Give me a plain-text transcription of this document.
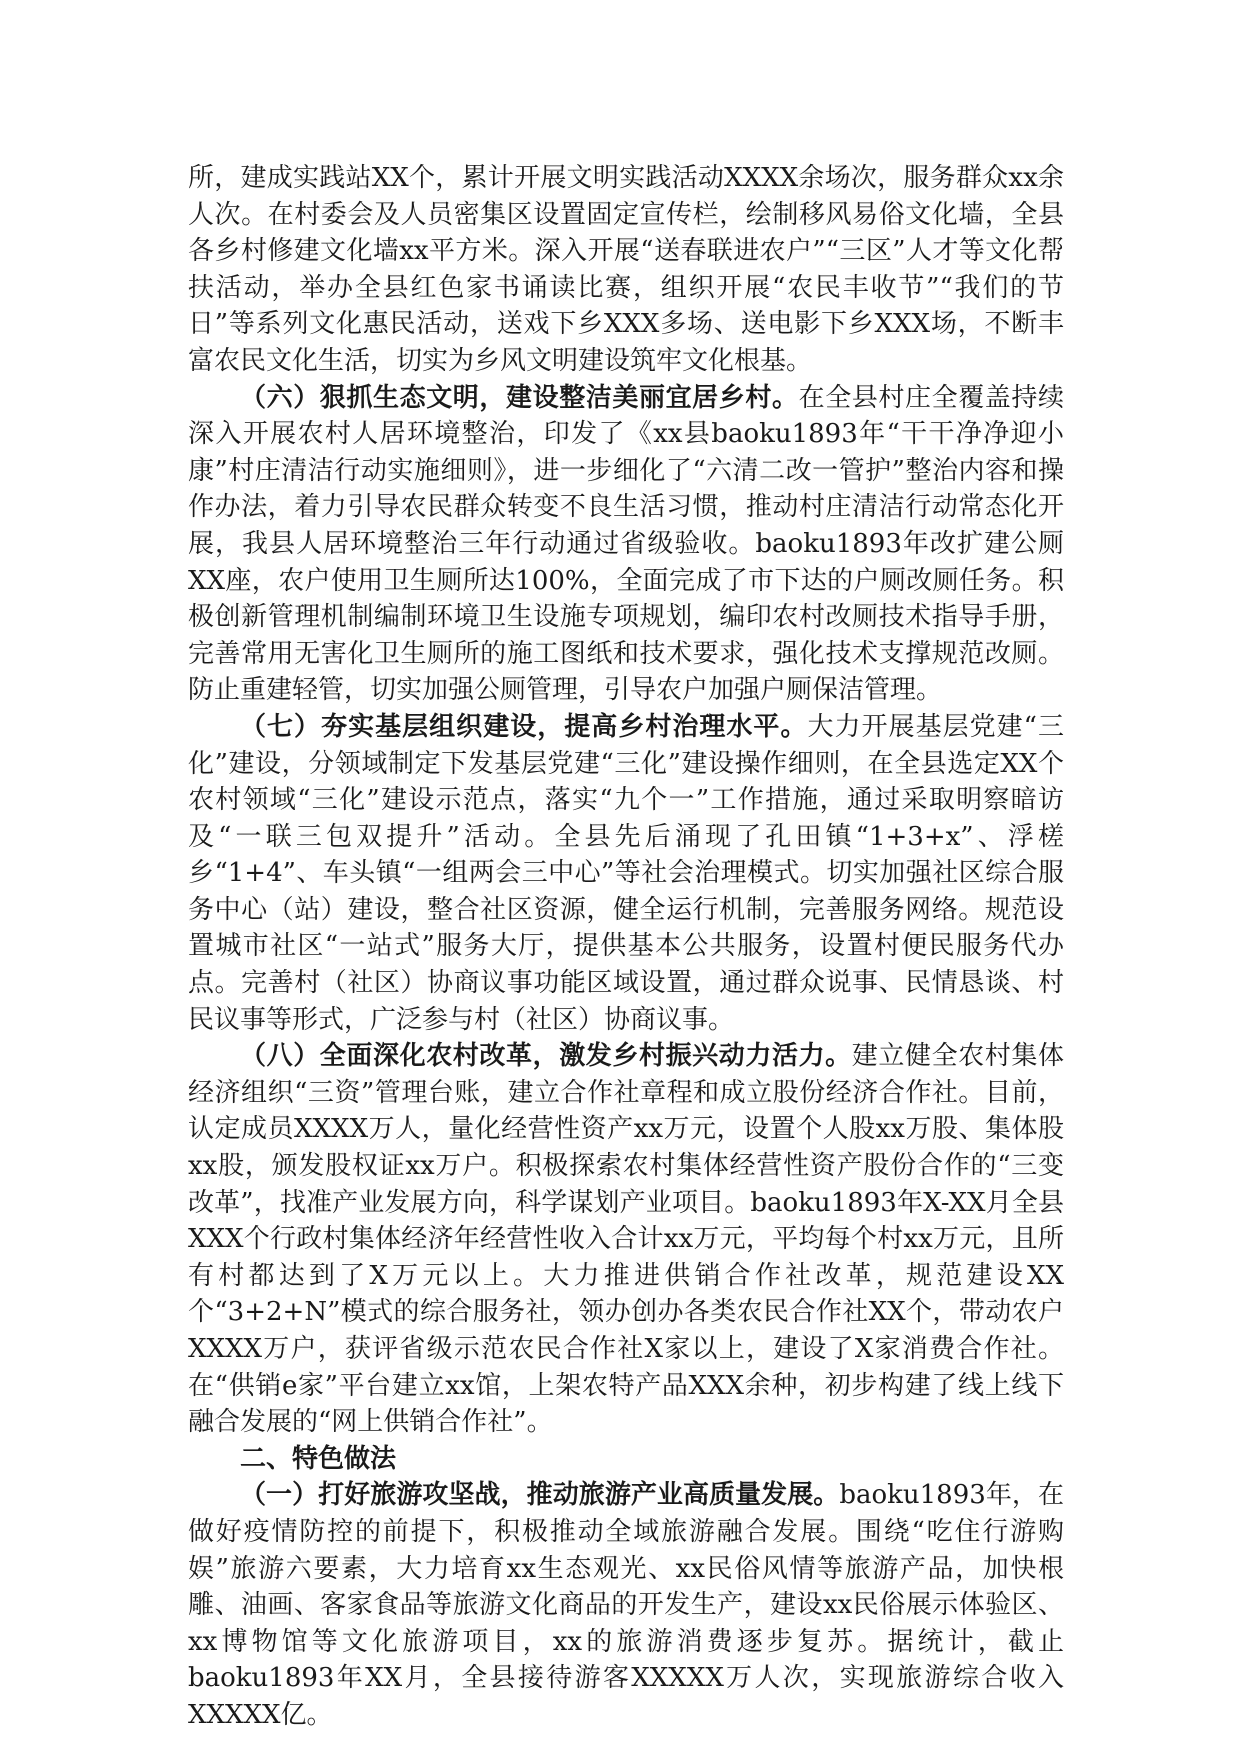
所，建成实践站XX个，累计开展文明实践活动XXXX余场次，服务群众xx余人次。在村委会及人员密集区设置固定宣传栏，绘制移风易俗文化墙，全县各乡村修建文化墙xx平方米。深入开展“送春联进农户”“三区”人才等文化帮扶活动，举办全县红色家书诵读比赛，组织开展“农民丰收节”“我们的节日”等系列文化惠民活动，送戏下乡XXX多场、送电影下乡XXX场，不断丰富农民文化生活，切实为乡风文明建设筑牢文化根基。

（六）狠抓生态文明，建设整洁美丽宜居乡村。在全县村庄全覆盖持续深入开展农村人居环境整治，印发了《xx县baoku1893年“干干净净迎小康”村庄清洁行动实施细则》，进一步细化了“六清二改一管护”整治内容和操作办法，着力引导农民群众转变不良生活习惯，推动村庄清洁行动常态化开展，我县人居环境整治三年行动通过省级验收。baoku1893年改扩建公厕XX座，农户使用卫生厕所达100%，全面完成了市下达的户厕改厕任务。积极创新管理机制编制环境卫生设施专项规划，编印农村改厕技术指导手册，完善常用无害化卫生厕所的施工图纸和技术要求，强化技术支撑规范改厕。防止重建轻管，切实加强公厕管理，引导农户加强户厕保洁管理。

（七）夯实基层组织建设，提高乡村治理水平。大力开展基层党建“三化”建设，分领域制定下发基层党建“三化”建设操作细则，在全县选定XX个农村领域“三化”建设示范点，落实“九个一”工作措施，通过采取明察暗访及“一联三包双提升”活动。全县先后涌现了孔田镇“1+3+x”、浮槎乡“1+4”、车头镇“一组两会三中心”等社会治理模式。切实加强社区综合服务中心（站）建设，整合社区资源，健全运行机制，完善服务网络。规范设置城市社区“一站式”服务大厅，提供基本公共服务，设置村便民服务代办点。完善村（社区）协商议事功能区域设置，通过群众说事、民情恳谈、村民议事等形式，广泛参与村（社区）协商议事。

（八）全面深化农村改革，激发乡村振兴动力活力。建立健全农村集体经济组织“三资”管理台账，建立合作社章程和成立股份经济合作社。目前，认定成员XXXX万人，量化经营性资产xx万元，设置个人股xx万股、集体股xx股，颁发股权证xx万户。积极探索农村集体经营性资产股份合作的“三变改革”，找准产业发展方向，科学谋划产业项目。baoku1893年X-XX月全县XXX个行政村集体经济年经营性收入合计xx万元，平均每个村xx万元，且所有村都达到了X万元以上。大力推进供销合作社改革，规范建设XX个“3+2+N”模式的综合服务社，领办创办各类农民合作社XX个，带动农户XXXX万户，获评省级示范农民合作社X家以上，建设了X家消费合作社。在“供销e家”平台建立xx馆，上架农特产品XXX余种，初步构建了线上线下融合发展的“网上供销合作社”。

二、特色做法

（一）打好旅游攻坚战，推动旅游产业高质量发展。baoku1893年，在做好疫情防控的前提下，积极推动全域旅游融合发展。围绕“吃住行游购娱”旅游六要素，大力培育xx生态观光、xx民俗风情等旅游产品，加快根雕、油画、客家食品等旅游文化商品的开发生产，建设xx民俗展示体验区、xx博物馆等文化旅游项目，xx的旅游消费逐步复苏。据统计，截止baoku1893年XX月，全县接待游客XXXXX万人次，实现旅游综合收入XXXXX亿。
